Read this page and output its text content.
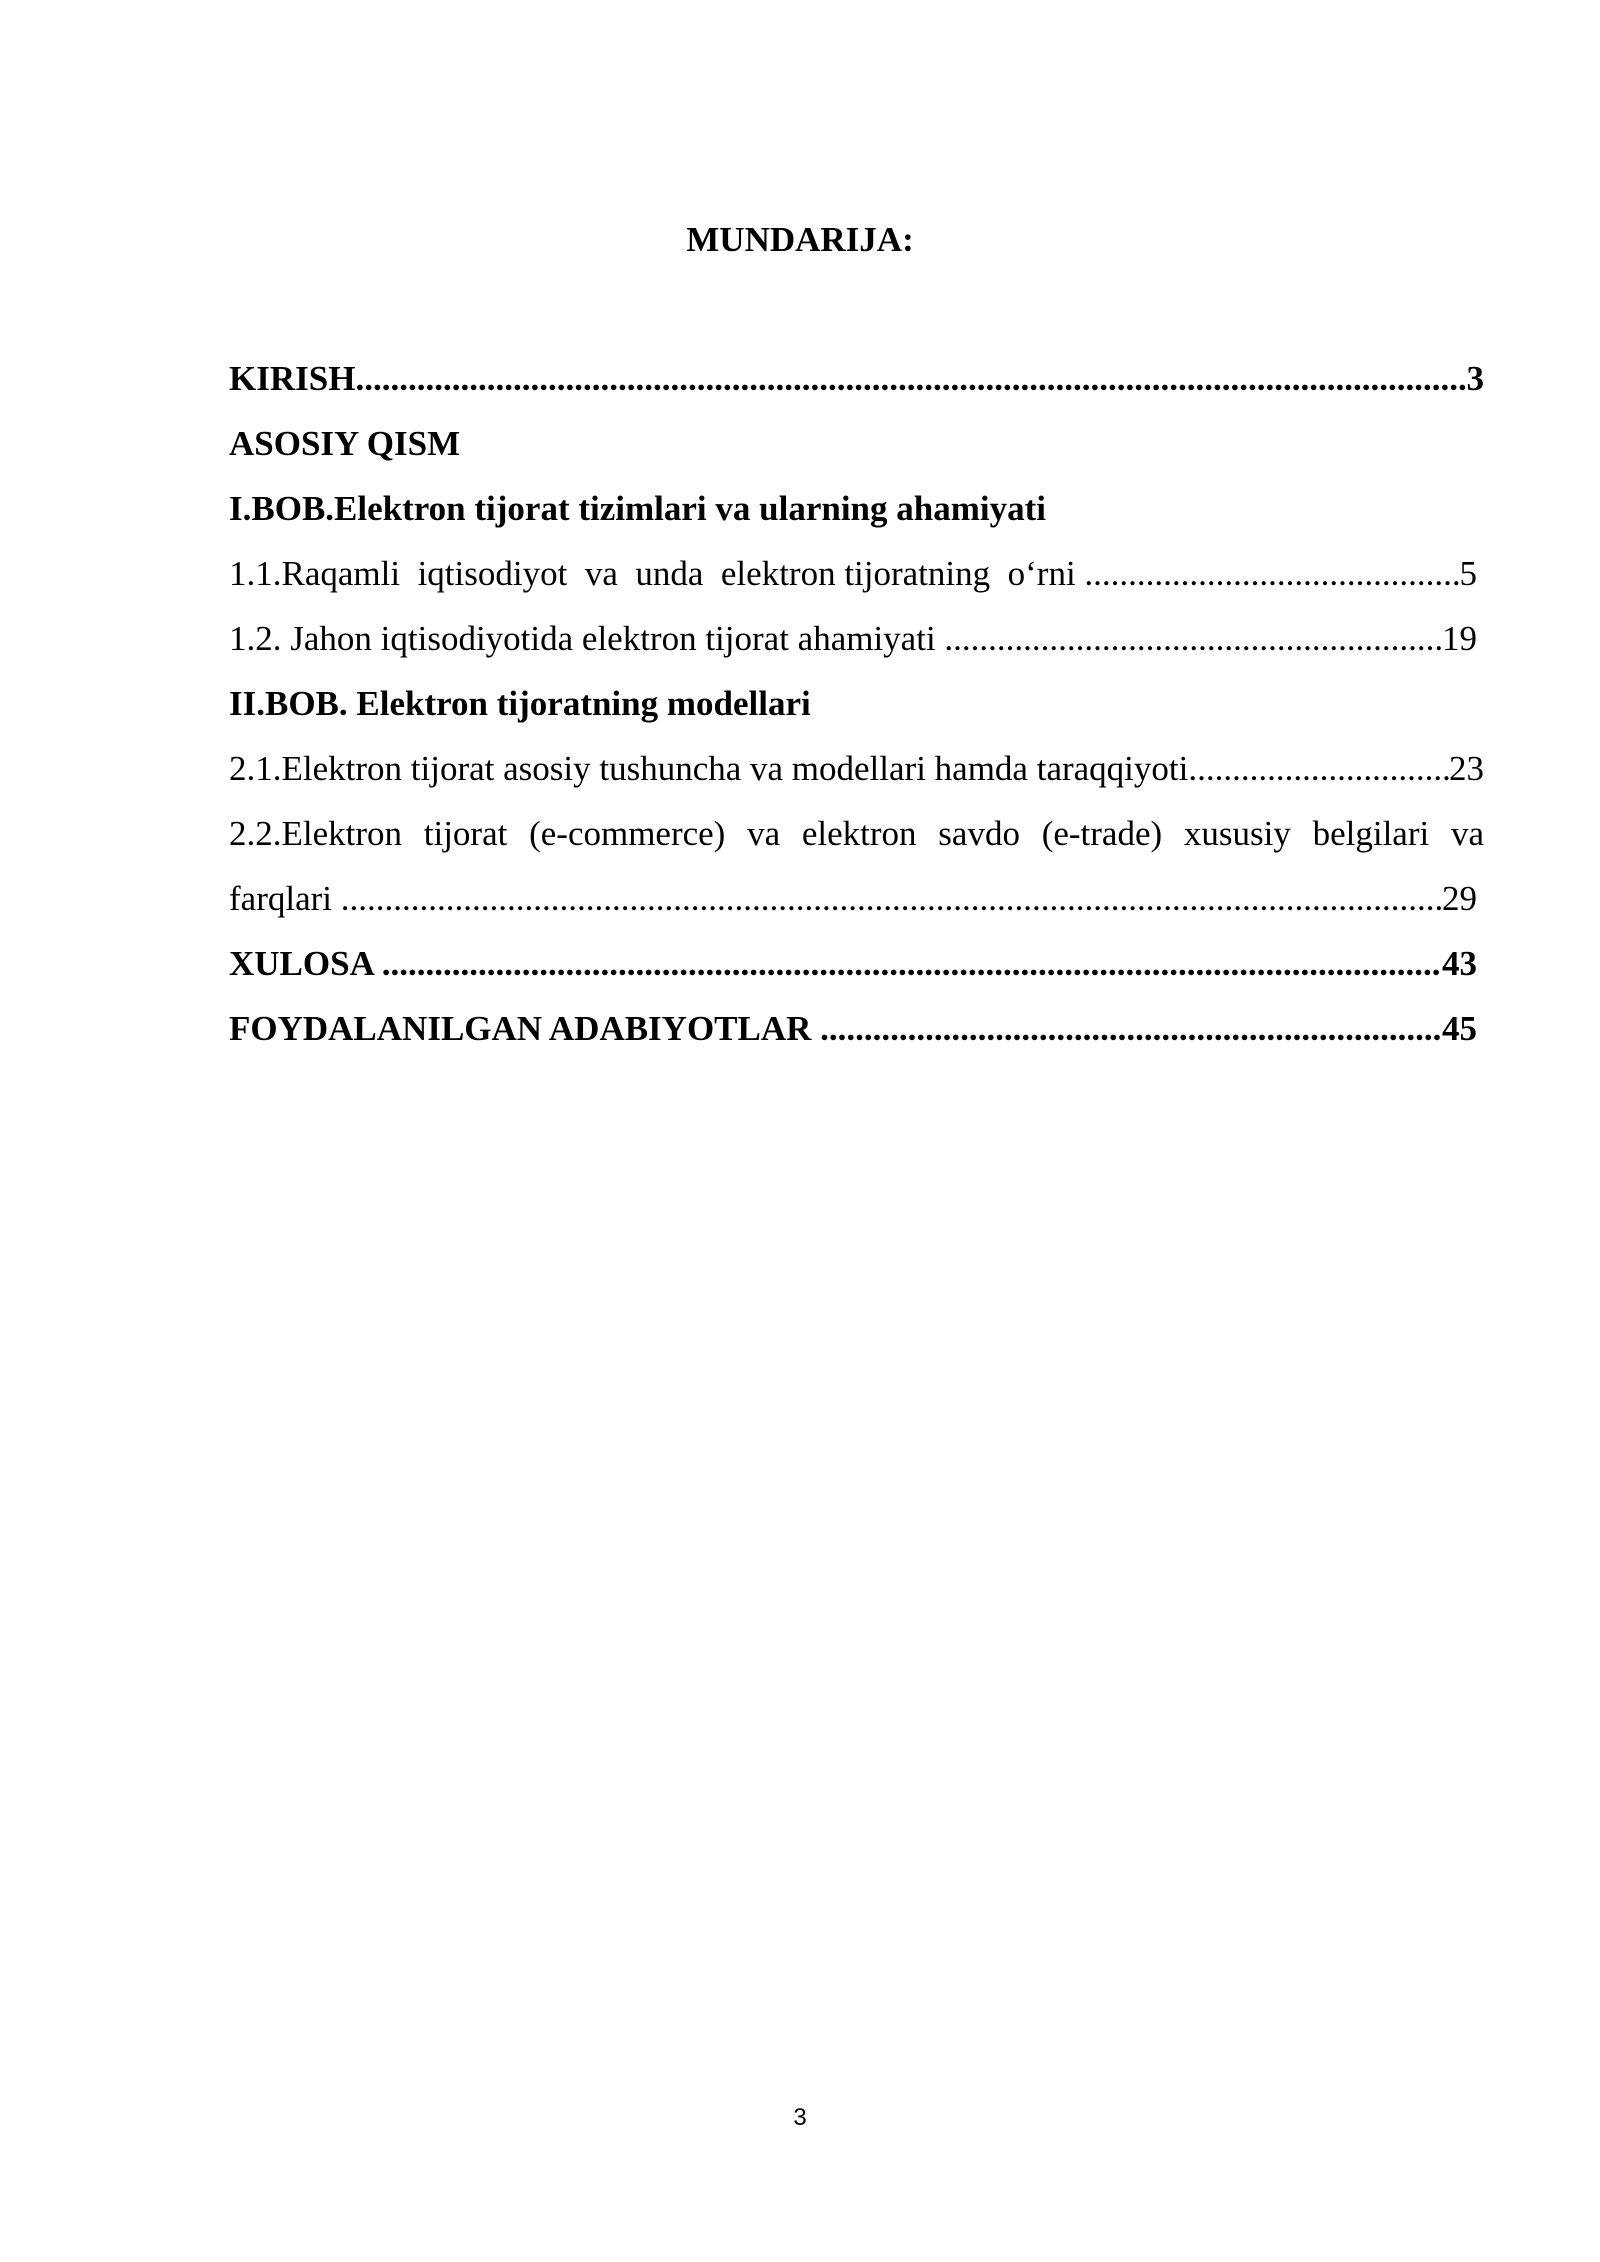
MUNDARIJA:
KIRISH .....	3
ASOSIY QISM
I.BOB.Elektron tijorat tizimlari va ularning ahamiyati
1.1.Raqamli  iqtisodiyot  va  unda  elektron tijoratning  o‘rni .....	5
1.2. Jahon iqtisodiyotida elektron tijorat ahamiyati .....	19
II.BOB. Elektron tijoratning modellari
2.1.Elektron tijorat asosiy tushuncha va modellari hamda taraqqiyoti .....	23
2.2.Elektron tijorat (e-commerce) va elektron savdo (e-trade) xususiy belgilari va
farqlari .....	29
XULOSA .....	43
FOYDALANILGAN ADABIYOTLAR .....	45
3
